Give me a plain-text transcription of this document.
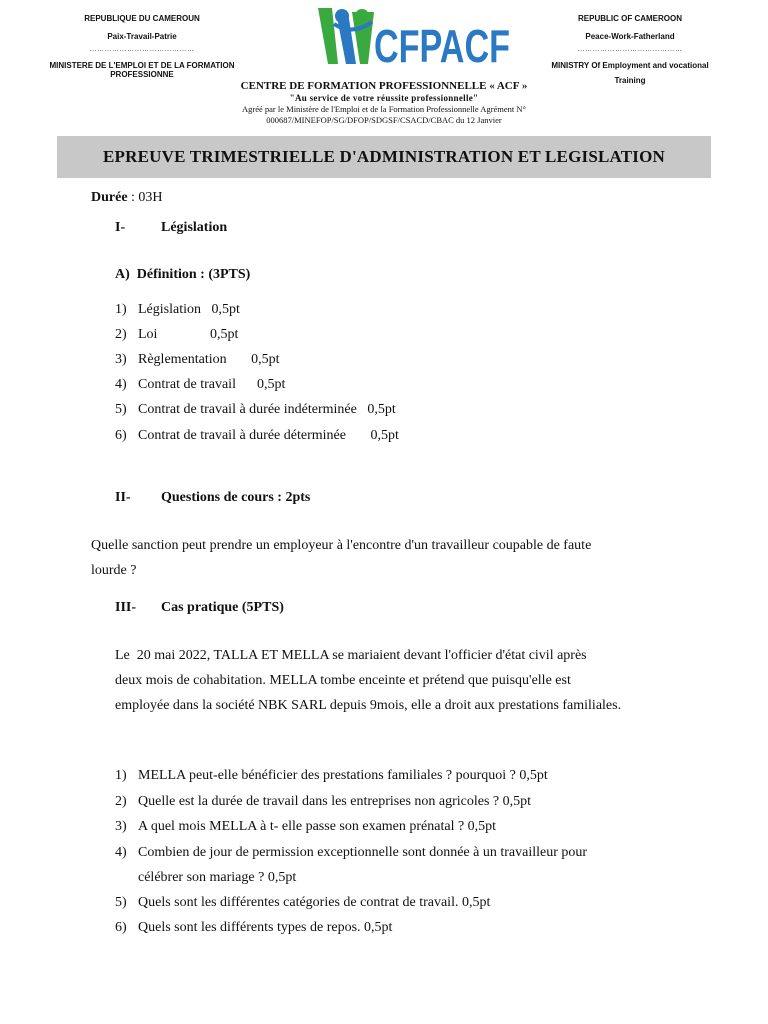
REPUBLIQUE DU CAMEROUN
Paix-Travail-Patrie
……………………………………
MINISTERE DE L'EMPLOI ET DE LA FORMATION
PROFESSIONNE
REPUBLIC OF CAMEROON
Peace-Work-Fatherland
……………………………………
MINISTRY Of Employment and vocational
Training
CFPACF
CENTRE DE FORMATION PROFESSIONNELLE « ACF »
"Au service de votre réussite professionnelle"
Agréé par le Ministère de l'Emploi et de la Formation Professionnelle Agrément N°
000687/MINEFOP/SG/DFOP/SDGSF/CSACD/CBAC du 12 Janvier
EPREUVE TRIMESTRIELLE D'ADMINISTRATION ET LEGISLATION
Durée : 03H
I-	Législation
A)  Définition : (3PTS)
1) Législation   0,5pt
2) Loi               0,5pt
3) Règlementation       0,5pt
4) Contrat de travail      0,5pt
5) Contrat de travail à durée indéterminée   0,5pt
6) Contrat de travail à durée déterminée       0,5pt
II- Questions de cours : 2pts
Quelle sanction peut prendre un employeur à l'encontre d'un travailleur coupable de faute
lourde ?
III- Cas pratique (5PTS)
Le  20 mai 2022, TALLA ET MELLA se mariaient devant l'officier d'état civil après
deux mois de cohabitation. MELLA tombe enceinte et prétend que puisqu'elle est
employée dans la société NBK SARL depuis 9mois, elle a droit aux prestations familiales.
1) MELLA peut-elle bénéficier des prestations familiales ? pourquoi ? 0,5pt
2) Quelle est la durée de travail dans les entreprises non agricoles ? 0,5pt
3) A quel mois MELLA à t- elle passe son examen prénatal ? 0,5pt
4) Combien de jour de permission exceptionnelle sont donnée à un travailleur pour
célébrer son mariage ? 0,5pt
5) Quels sont les différentes catégories de contrat de travail. 0,5pt
6) Quels sont les différents types de repos. 0,5pt
